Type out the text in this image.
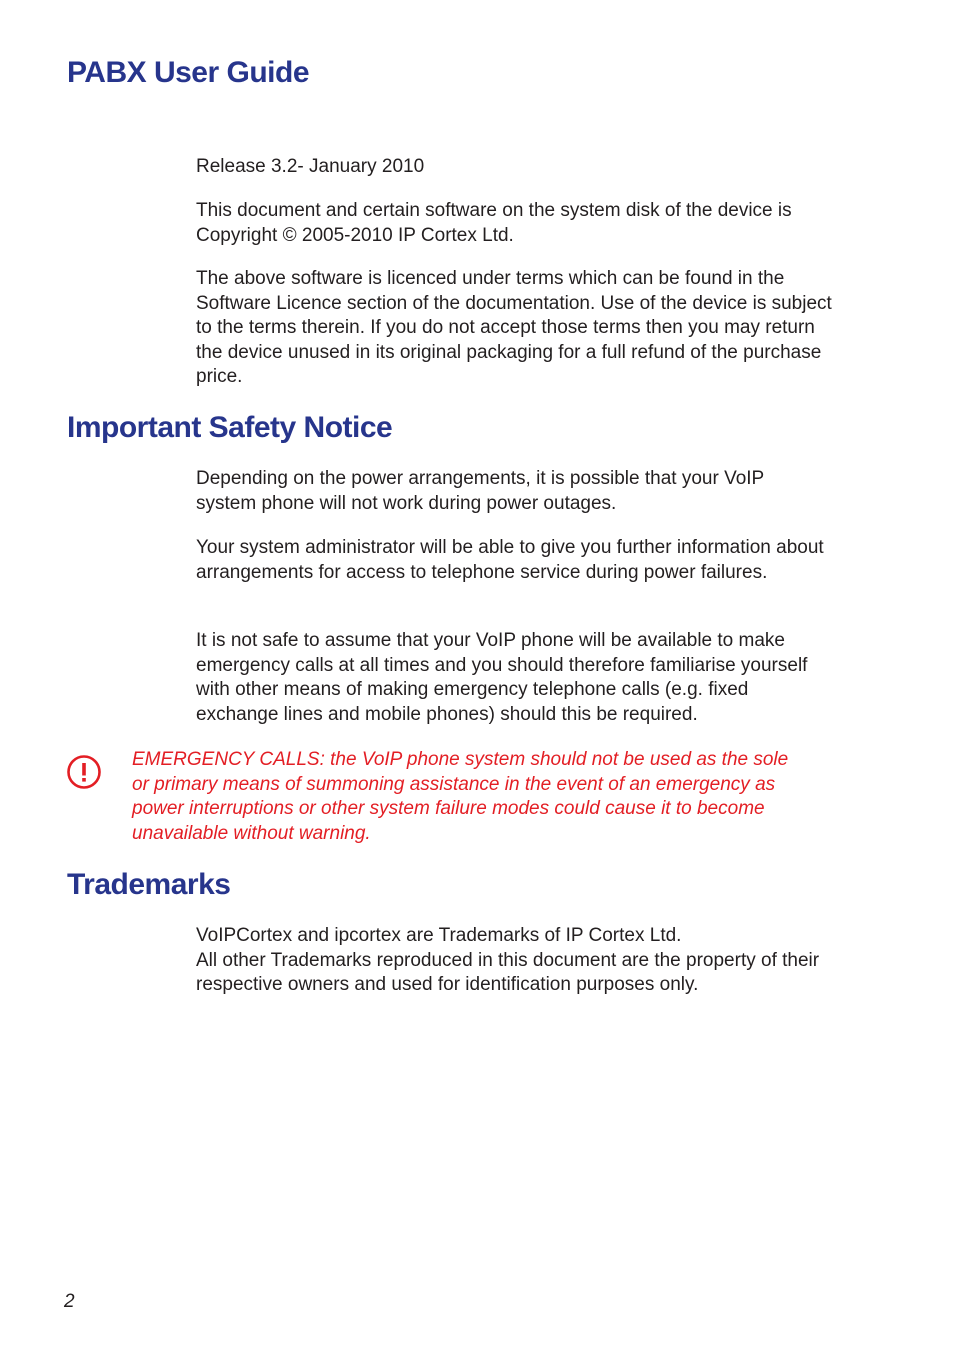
PABX User Guide

Release 3.2- January 2010

This document and certain software on the system disk of the device is Copyright © 2005-2010 IP Cortex Ltd.

The above software is licenced under terms which can be found in the Software Licence section of the documentation. Use of the device is subject to the terms therein. If you do not accept those terms then you may return the device unused in its original packaging for a full refund of the purchase price.

Important Safety Notice

Depending on the power arrangements, it is possible that your VoIP system phone will not work during power outages.

Your system administrator will be able to give you further information about arrangements for access to telephone service during power failures.

It is not safe to assume that your VoIP phone will be available to make emergency calls at all times and you should therefore familiarise yourself with other means of making emergency telephone calls (e.g. fixed exchange lines and mobile phones) should this be required.

EMERGENCY CALLS: the VoIP phone system should not be used as the sole or primary means of summoning assistance in the event of an emergency as power interruptions or other system failure modes could cause it to become unavailable without warning.

Trademarks
VoIPCortex and ipcortex are Trademarks of IP Cortex Ltd.
All other Trademarks reproduced in this document are the property of their respective owners and used for identification purposes only.
2
